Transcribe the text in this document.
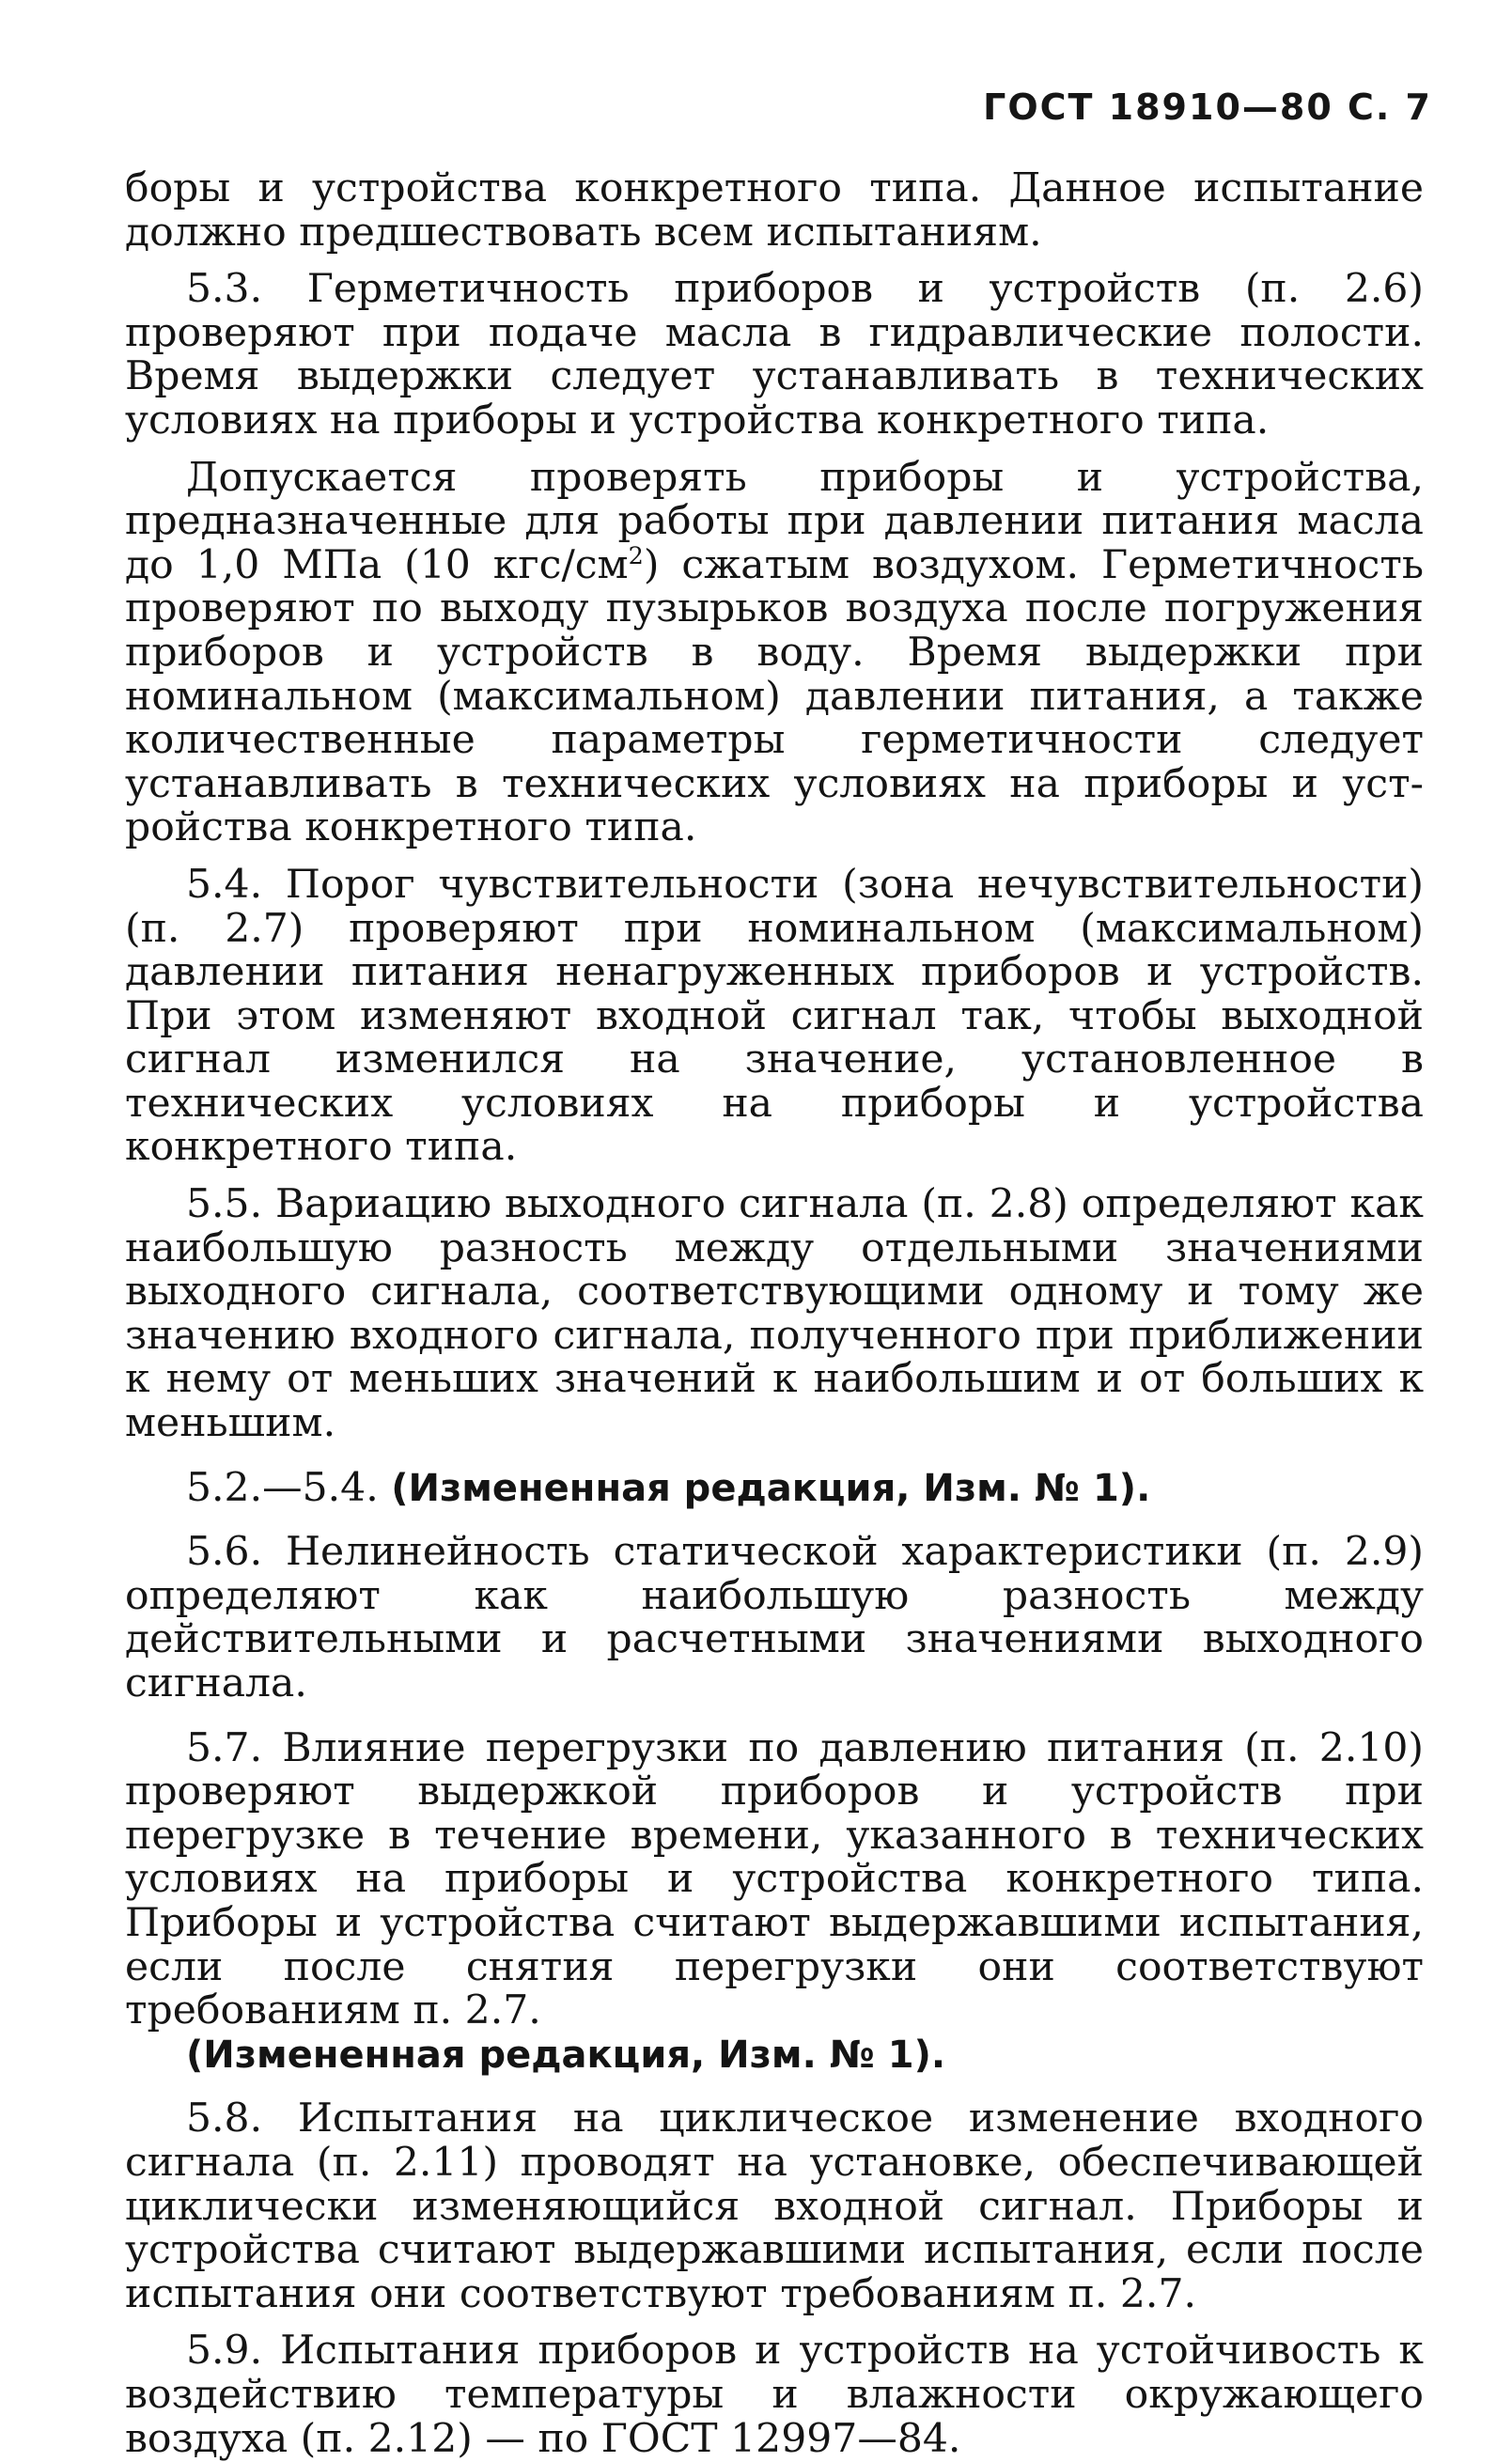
ГОСТ 18910—80 С. 7

боры и устройства конкретного типа. Данное испытание должно предшествовать всем испытаниям.

5.3. Герметичность приборов и устройств (п. 2.6) проверяют при подаче масла в гидравлические полости. Время выдержки следует устанавливать в технических условиях на приборы и устройства конкретного типа.

Допускается проверять приборы и устройства, предназначенные для работы при давлении питания масла до 1,0 МПа (10 кгс/$см^2$) сжатым воздухом. Герметичность проверяют по выходу пузырьков воздуха после погружения приборов и устройств в воду. Время выдержки при номинальном (максимальном) давлении питания, а также количественные параметры герметичности следует устанавливать в технических условиях на приборы и устройства конкретного типа.

5.4. Порог чувствительности (зона нечувствительности) (п. 2.7) проверяют при номинальном (максимальном) давлении питания ненагруженных приборов и устройств. При этом изменяют входной сигнал так, чтобы выходной сигнал изменился на значение, установленное в технических условиях на приборы и устройства конкретного типа.

5.5. Вариацию выходного сигнала (п. 2.8) определяют как наибольшую разность между отдельными значениями выходного сигнала, соответствующими одному и тому же значению входного сигнала, полученного при приближении к нему от меньших значений к наибольшим и от больших к меньшим.

5.2.—5.4. (Измененная редакция, Изм. № 1).

5.6. Нелинейность статической характеристики (п. 2.9) определяют как наибольшую разность между действительными и расчетными значениями выходного сигнала.

5.7. Влияние перегрузки по давлению питания (п. 2.10) проверяют выдержкой приборов и устройств при перегрузке в течение времени, указанного в технических условиях на приборы и устройства конкретного типа. Приборы и устройства считают выдержавшими испытания, если после снятия перегрузки они соответствуют требованиям п. 2.7.

(Измененная редакция, Изм. № 1).

5.8. Испытания на циклическое изменение входного сигнала (п. 2.11) проводят на установке, обеспечивающей циклически изменяющийся входной сигнал. Приборы и устройства считают выдержавшими испытания, если после испытания они соответствуют требованиям п. 2.7.

5.9. Испытания приборов и устройств на устойчивость к воздействию температуры и влажности окружающего воздуха (п. 2.12) — по ГОСТ 12997—84.
